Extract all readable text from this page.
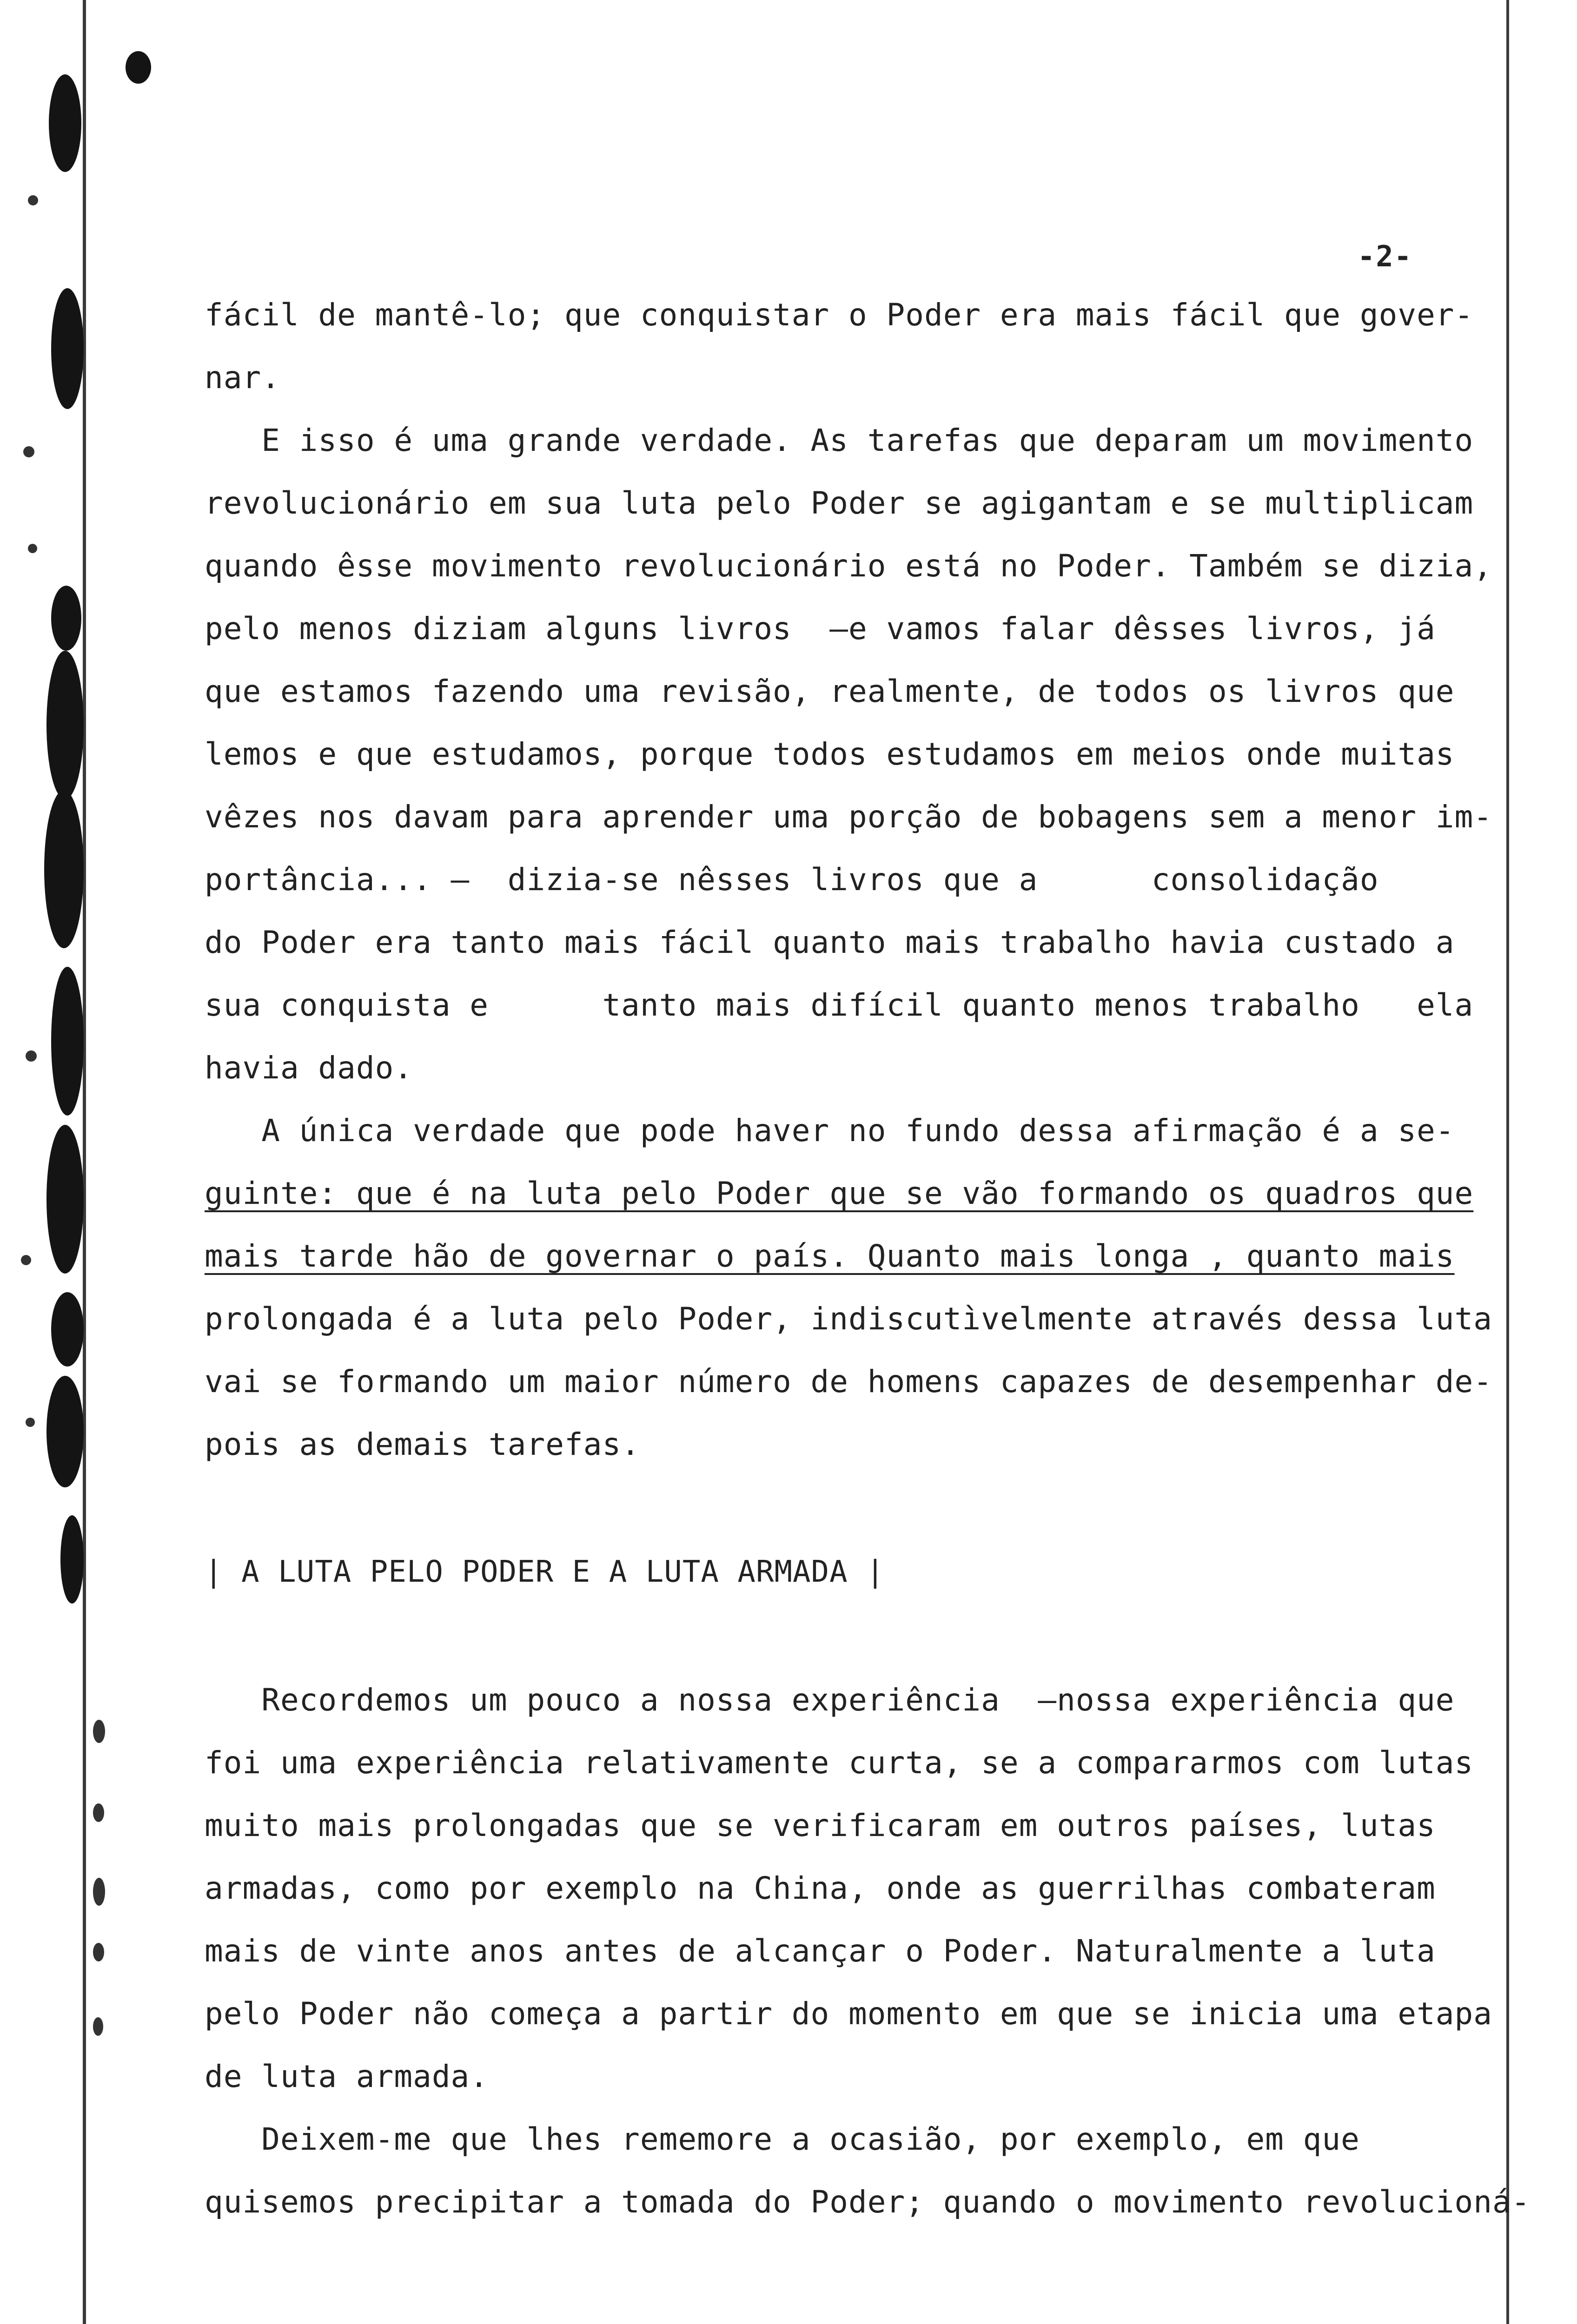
-2-
fácil de mantê-lo; que conquistar o Poder era mais fácil que gover-
nar.
E isso é uma grande verdade. As tarefas que deparam um movimento
revolucionário em sua luta pelo Poder se agigantam e se multiplicam
quando êsse movimento revolucionário está no Poder. Também se dizia,
pelo menos diziam alguns livros  —e vamos falar dêsses livros, já
que estamos fazendo uma revisão, realmente, de todos os livros que
lemos e que estudamos, porque todos estudamos em meios onde muitas
vêzes nos davam para aprender uma porção de bobagens sem a menor im-
portância... —  dizia-se nêsses livros que a      consolidação
do Poder era tanto mais fácil quanto mais trabalho havia custado a
sua conquista e      tanto mais difícil quanto menos trabalho   ela
havia dado.
A única verdade que pode haver no fundo dessa afirmação é a se-
guinte: que é na luta pelo Poder que se vão formando os quadros que
mais tarde hão de governar o país. Quanto mais longa , quanto mais
prolongada é a luta pelo Poder, indiscutìvelmente através dessa luta
vai se formando um maior número de homens capazes de desempenhar de-
pois as demais tarefas.
| A LUTA PELO PODER E A LUTA ARMADA |
Recordemos um pouco a nossa experiência  —nossa experiência que
foi uma experiência relativamente curta, se a compararmos com lutas
muito mais prolongadas que se verificaram em outros países, lutas
armadas, como por exemplo na China, onde as guerrilhas combateram
mais de vinte anos antes de alcançar o Poder. Naturalmente a luta
pelo Poder não começa a partir do momento em que se inicia uma etapa
de luta armada.
Deixem-me que lhes rememore a ocasião, por exemplo, em que
quisemos precipitar a tomada do Poder; quando o movimento revolucioná-
